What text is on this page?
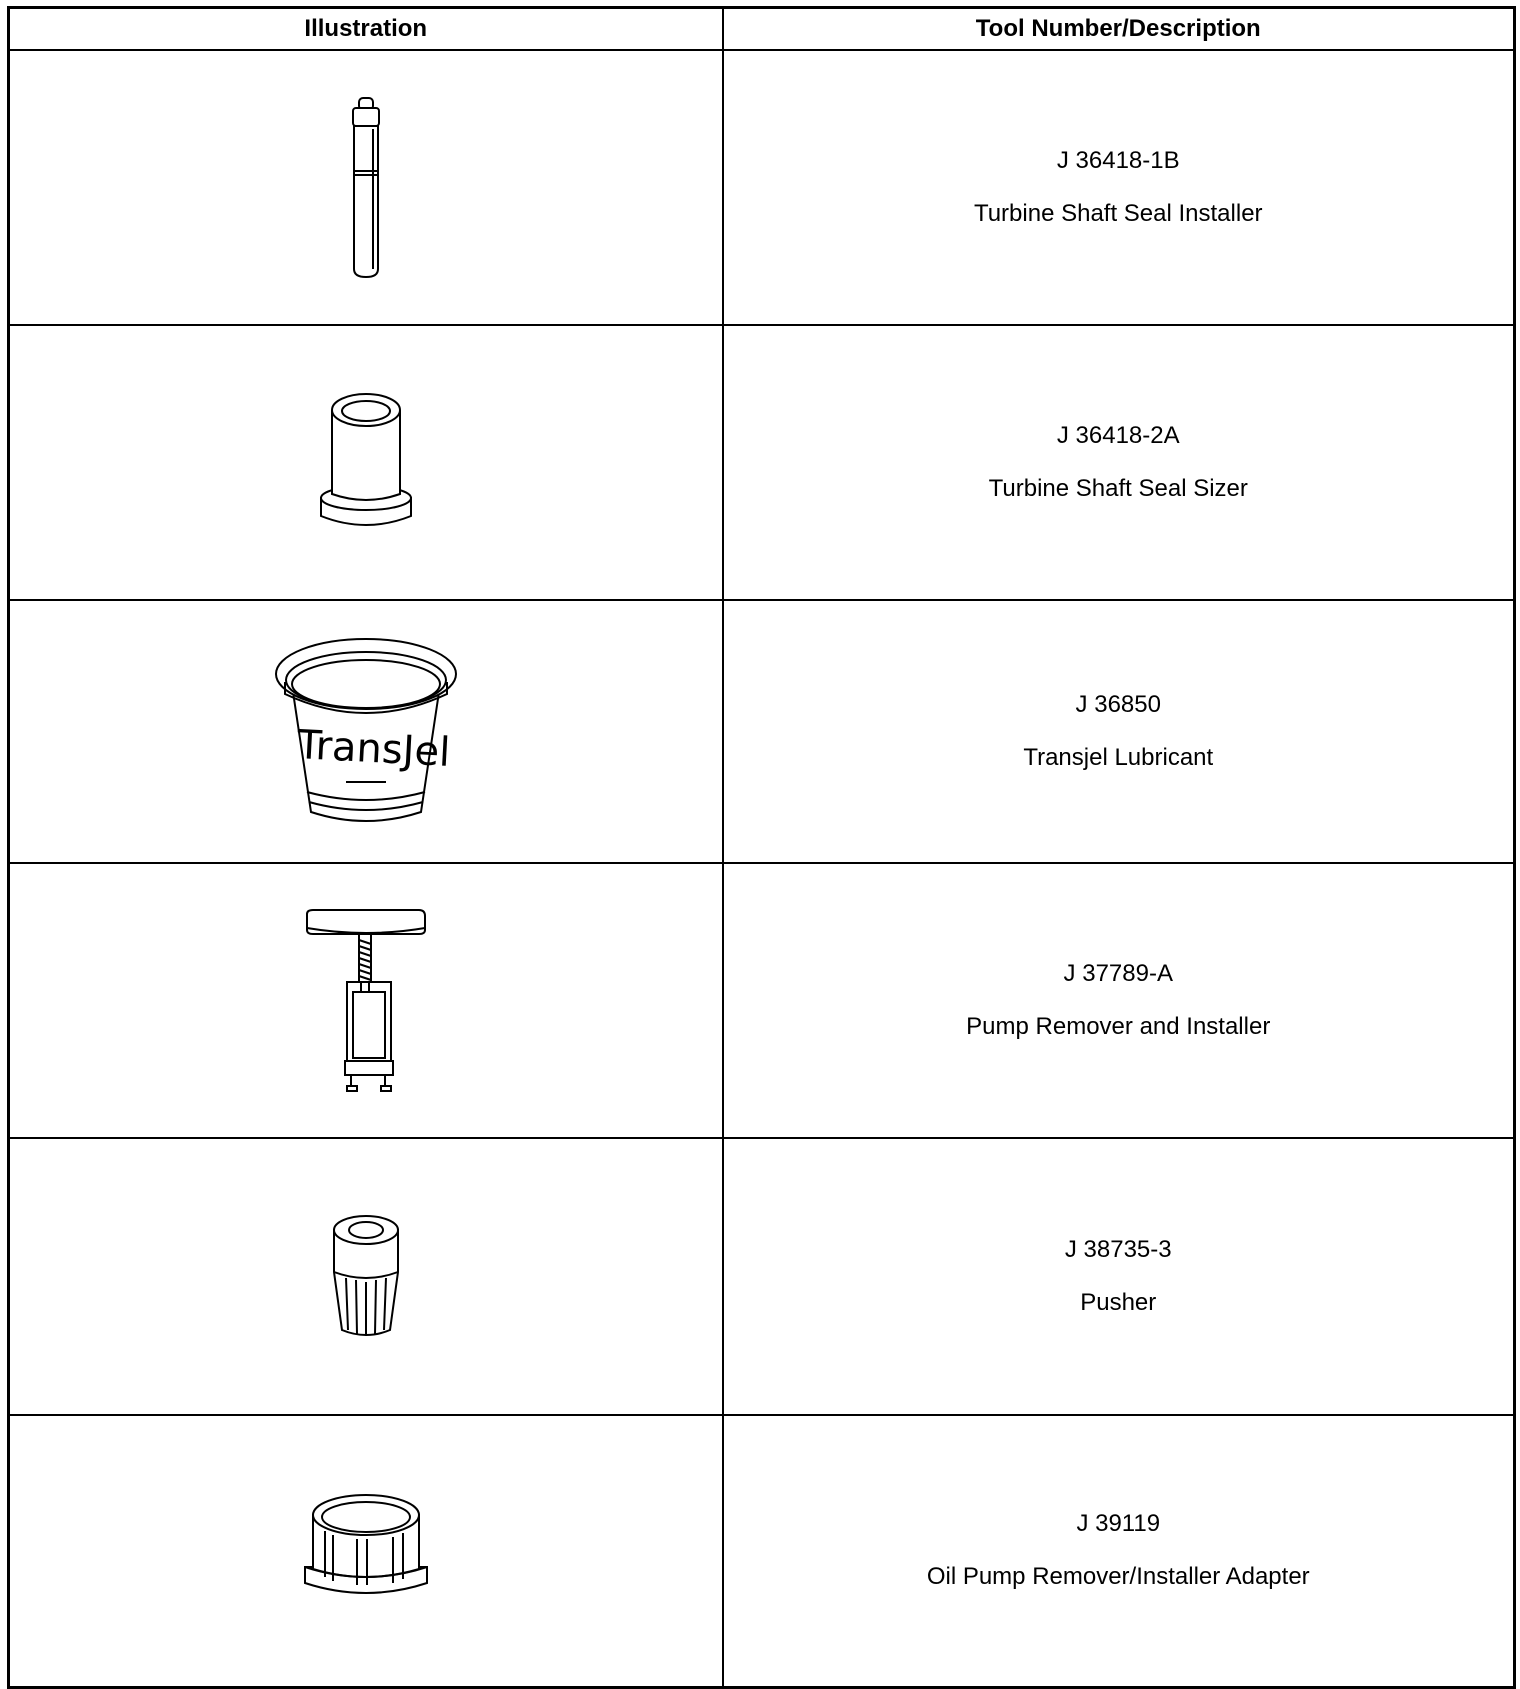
Illustration	Tool Number/Description

J 36418-1B
Turbine Shaft Seal Installer

J 36418-2A
Turbine Shaft Seal Sizer

TransJel	J 36850
Transjel Lubricant

J 37789-A
Pump Remover and Installer

J 38735-3
Pusher

J 39119
Oil Pump Remover/Installer Adapter
